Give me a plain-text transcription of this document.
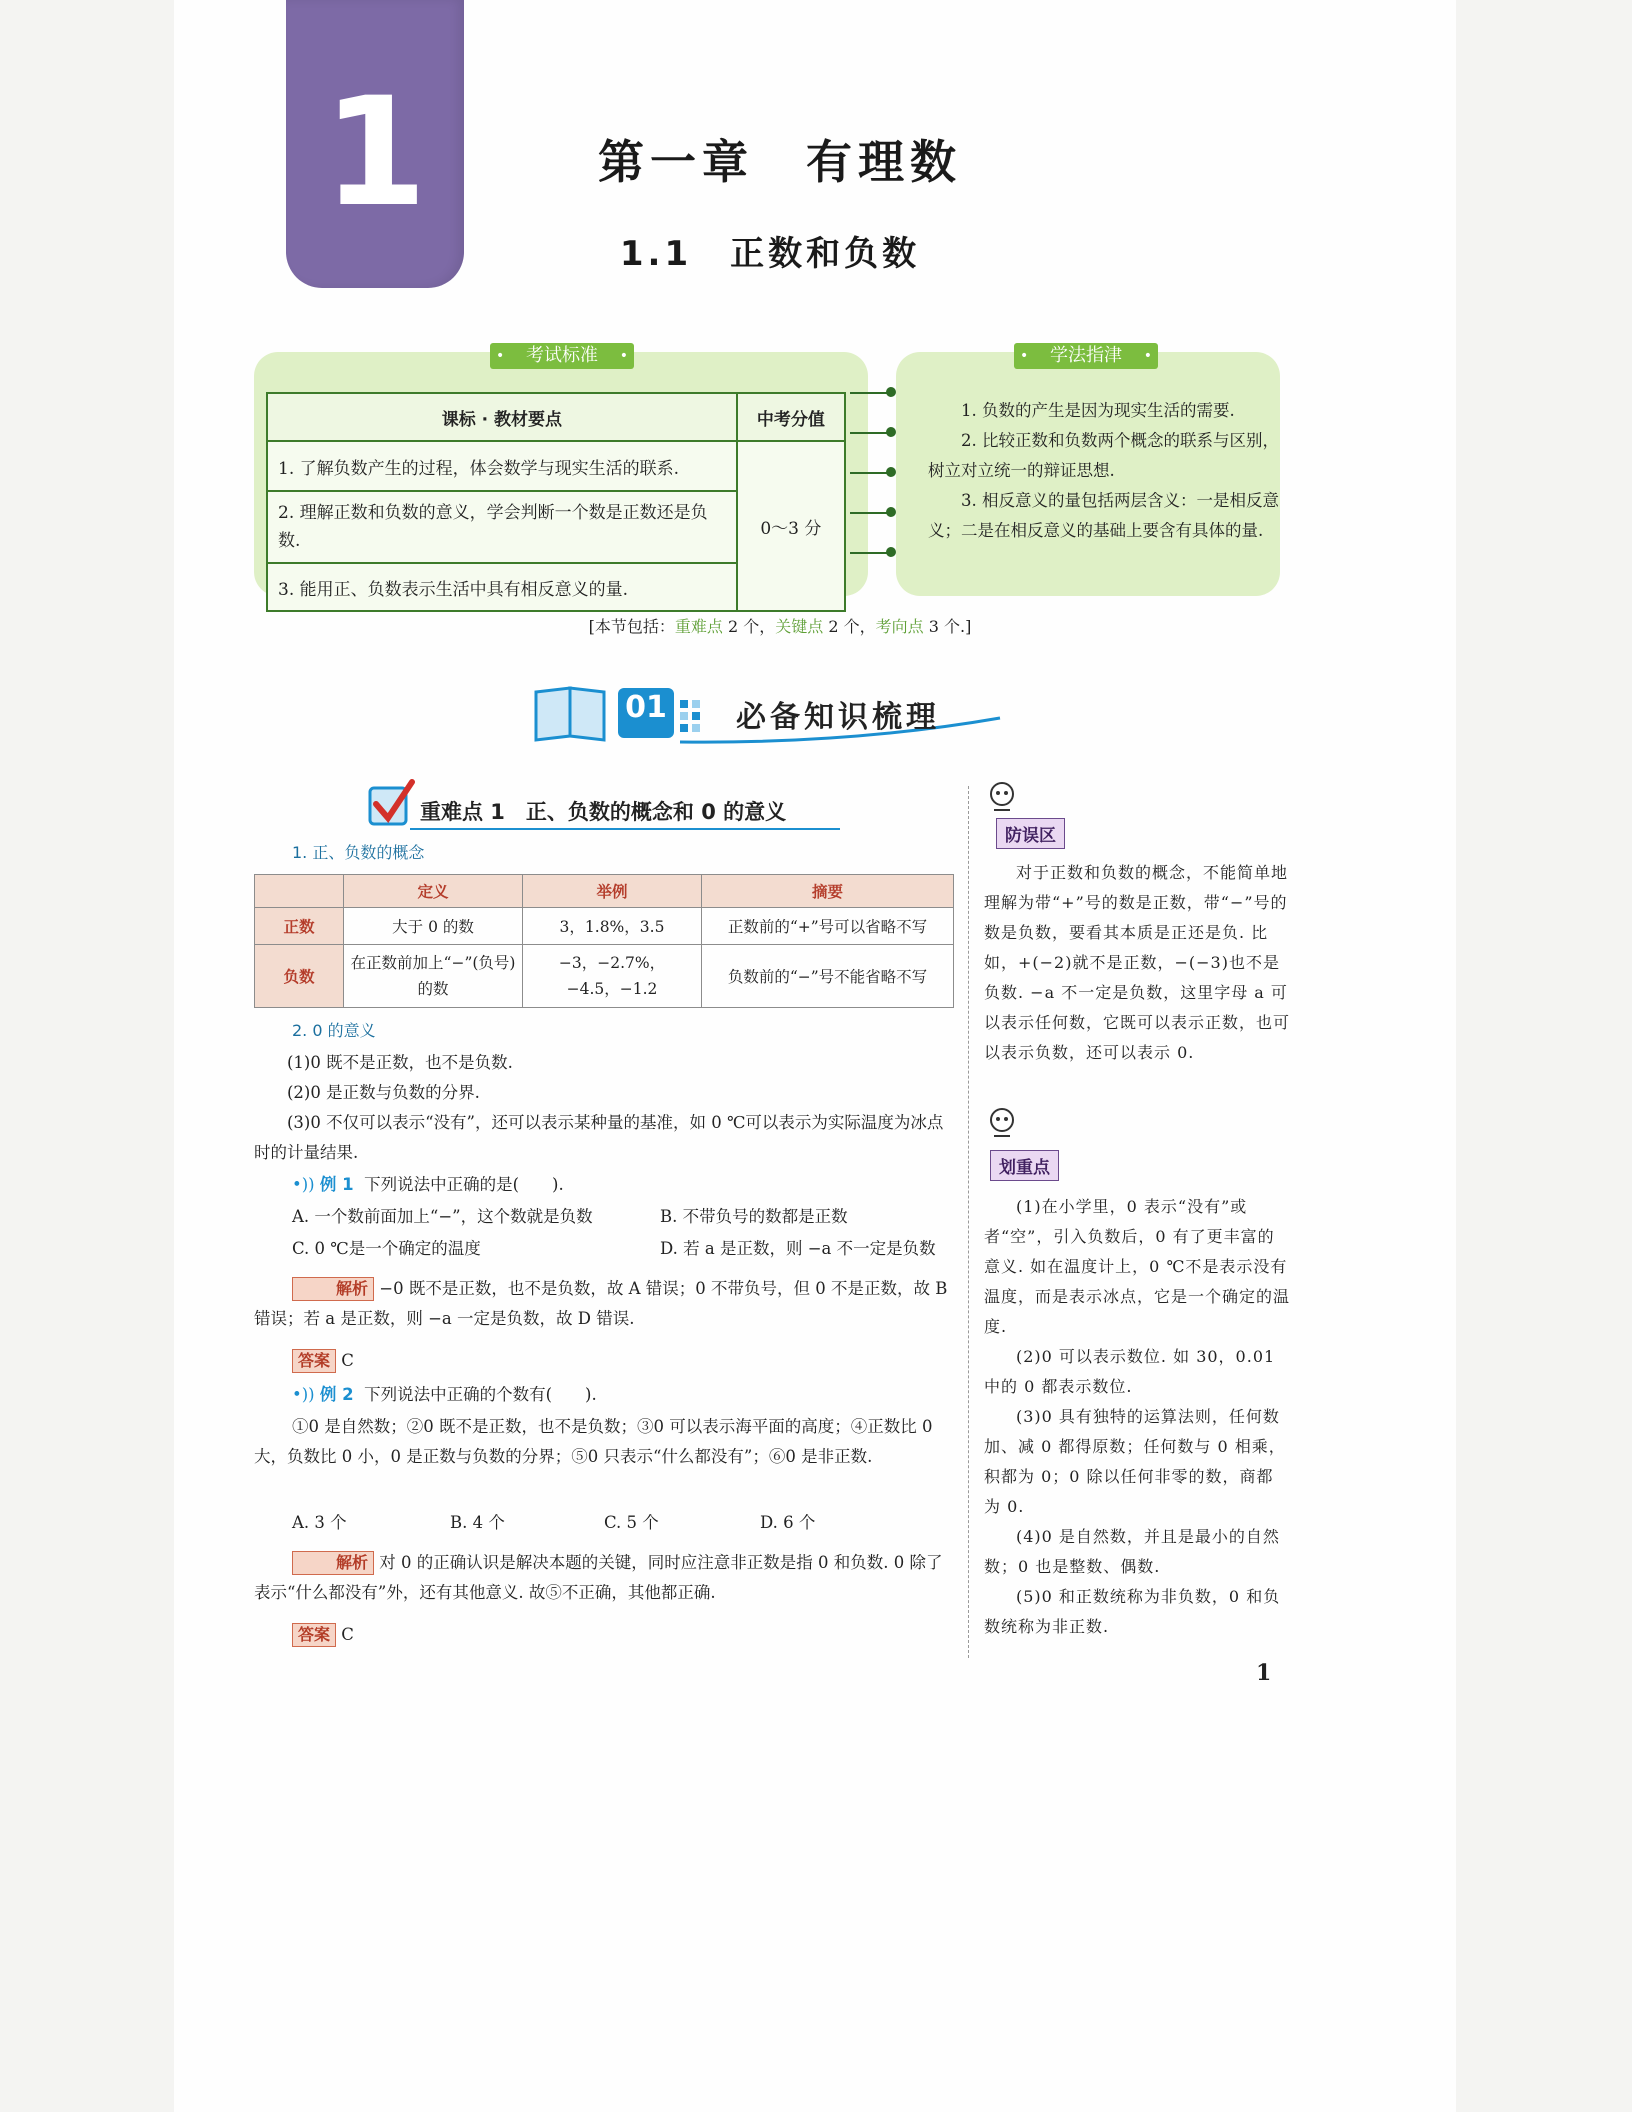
1	第一章　有理数
1.1　正数和负数
• 考试标准 •
课标 · 教材要点	中考分值
1. 了解负数产生的过程，体会数学与现实生活的联系.	0～3 分
2. 理解正数和负数的意义，学会判断一个数是正数还是负数.	
3. 能用正、负数表示生活中具有相反意义的量.	
• 学法指津 •

1. 负数的产生是因为现实生活的需要.

2. 比较正数和负数两个概念的联系与区别，树立对立统一的辩证思想.

3. 相反意义的量包括两层含义：一是相反意义；二是在相反意义的基础上要含有具体的量.

[本节包括：重难点 2 个，关键点 2 个，考向点 3 个.]
01 必备知识梳理
重难点 1　正、负数的概念和 0 的意义
1. 正、负数的概念
	定义	举例	摘要
正数	大于 0 的数	3，1.8%，3.5	正数前的“+”号可以省略不写
负数	在正数前加上“−”(负号)的数	−3，−2.7%，−4.5，−1.2	负数前的“−”号不能省略不写
2. 0 的意义
(1)0 既不是正数，也不是负数.
(2)0 是正数与负数的分界.
(3)0 不仅可以表示“没有”，还可以表示某种量的基准，如 0 ℃可以表示为实际温度为冰点时的计量结果.
•)) 例 1 下列说法中正确的是(　　).
A. 一个数前面加上“−”，这个数就是负数	B. 不带负号的数都是正数
C. 0 ℃是一个确定的温度	D. 若 a 是正数，则 −a 不一定是负数
解析 −0 既不是正数，也不是负数，故 A 错误；0 不带负号，但 0 不是正数，故 B 错误；若 a 是正数，则 −a 一定是负数，故 D 错误.
答案 C
•)) 例 2 下列说法中正确的个数有(　　).
①0 是自然数；②0 既不是正数，也不是负数；③0 可以表示海平面的高度；④正数比 0 大，负数比 0 小，0 是正数与负数的分界；⑤0 只表示“什么都没有”；⑥0 是非正数.
A. 3 个	B. 4 个	C. 5 个	D. 6 个
解析 对 0 的正确认识是解决本题的关键，同时应注意非正数是指 0 和负数. 0 除了表示“什么都没有”外，还有其他意义. 故⑤不正确，其他都正确.
答案 C
防误区

对于正数和负数的概念，不能简单地理解为带“+”号的数是正数，带“−”号的数是负数，要看其本质是正还是负. 比如，+(−2)就不是正数，−(−3)也不是负数. −a 不一定是负数，这里字母 a 可以表示任何数，它既可以表示正数，也可以表示负数，还可以表示 0.

划重点

(1)在小学里，0 表示“没有”或者“空”，引入负数后，0 有了更丰富的意义. 如在温度计上，0 ℃不是表示没有温度，而是表示冰点，它是一个确定的温度.

(2)0 可以表示数位. 如 30，0.01 中的 0 都表示数位.

(3)0 具有独特的运算法则，任何数加、减 0 都得原数；任何数与 0 相乘，积都为 0；0 除以任何非零的数，商都为 0.

(4)0 是自然数，并且是最小的自然数；0 也是整数、偶数.

(5)0 和正数统称为非负数，0 和负数统称为非正数.

1
